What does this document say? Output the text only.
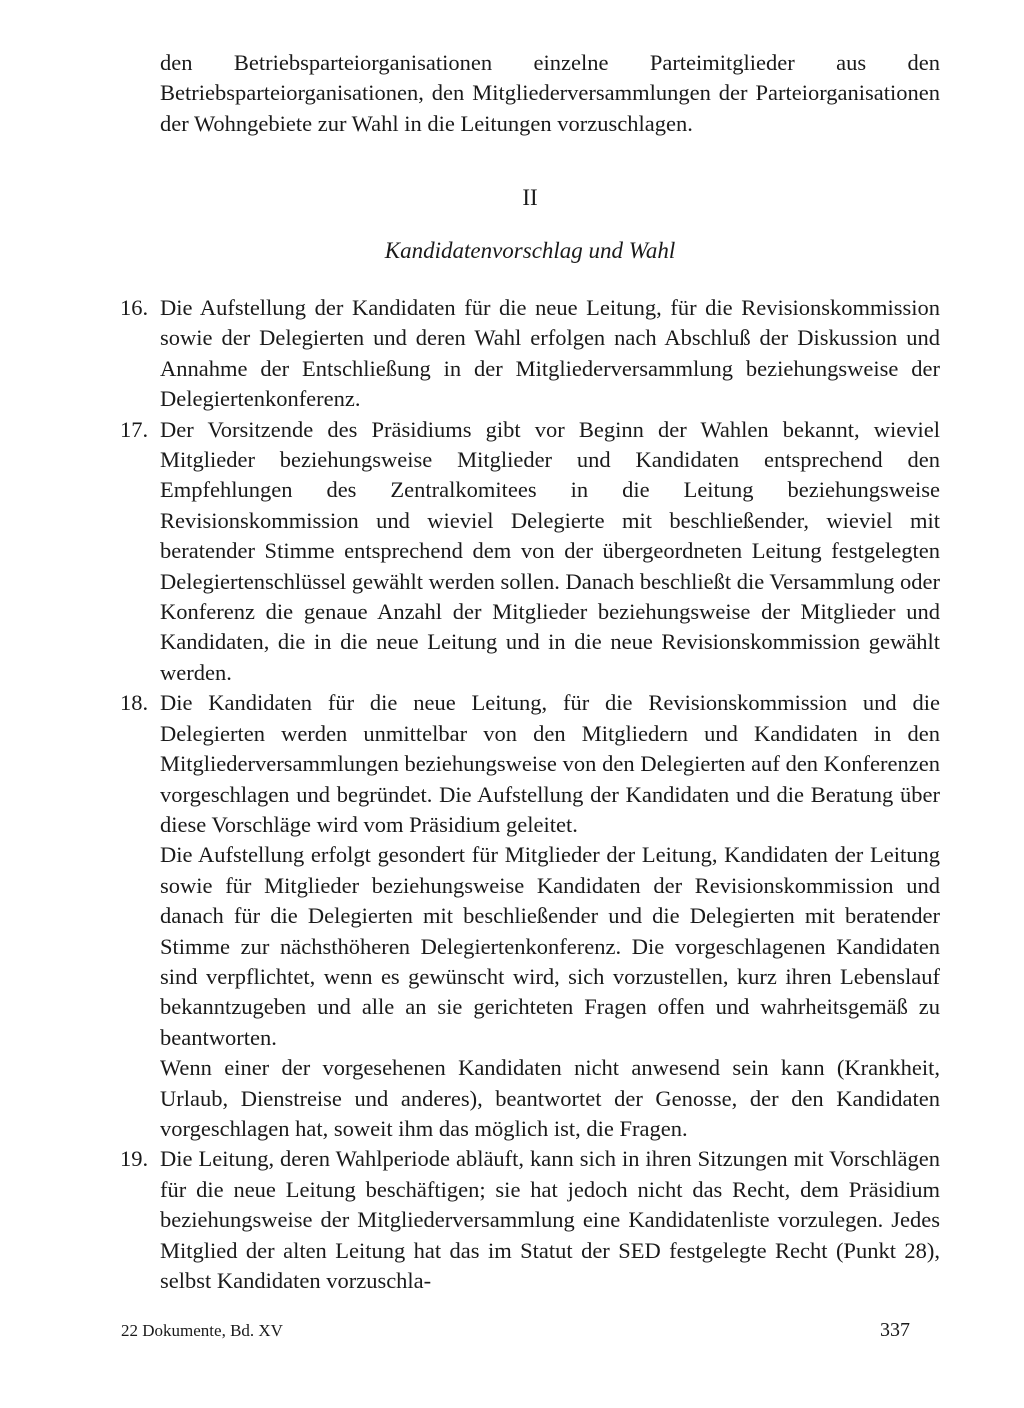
den Betriebsparteiorganisationen einzelne Parteimitglieder aus den Betriebsparteiorganisationen, den Mitgliederversammlungen der Parteiorganisationen der Wohngebiete zur Wahl in die Leitungen vorzuschlagen.
II
Kandidatenvorschlag und Wahl
16. Die Aufstellung der Kandidaten für die neue Leitung, für die Revisionskommission sowie der Delegierten und deren Wahl erfolgen nach Abschluß der Diskussion und Annahme der Entschließung in der Mitgliederversammlung beziehungsweise der Delegiertenkonferenz.

17. Der Vorsitzende des Präsidiums gibt vor Beginn der Wahlen bekannt, wieviel Mitglieder beziehungsweise Mitglieder und Kandidaten entsprechend den Empfehlungen des Zentralkomitees in die Leitung beziehungsweise Revisionskommission und wieviel Delegierte mit beschließender, wieviel mit beratender Stimme entsprechend dem von der übergeordneten Leitung festgelegten Delegiertenschlüssel gewählt werden sollen. Danach beschließt die Versammlung oder Konferenz die genaue Anzahl der Mitglieder beziehungsweise der Mitglieder und Kandidaten, die in die neue Leitung und in die neue Revisionskommission gewählt werden.

18. Die Kandidaten für die neue Leitung, für die Revisionskommission und die Delegierten werden unmittelbar von den Mitgliedern und Kandidaten in den Mitgliederversammlungen beziehungsweise von den Delegierten auf den Konferenzen vorgeschlagen und begründet. Die Aufstellung der Kandidaten und die Beratung über diese Vorschläge wird vom Präsidium geleitet.

Die Aufstellung erfolgt gesondert für Mitglieder der Leitung, Kandidaten der Leitung sowie für Mitglieder beziehungsweise Kandidaten der Revisionskommission und danach für die Delegierten mit beschließender und die Delegierten mit beratender Stimme zur nächsthöheren Delegiertenkonferenz. Die vorgeschlagenen Kandidaten sind verpflichtet, wenn es gewünscht wird, sich vorzustellen, kurz ihren Lebenslauf bekanntzugeben und alle an sie gerichteten Fragen offen und wahrheitsgemäß zu beantworten.

Wenn einer der vorgesehenen Kandidaten nicht anwesend sein kann (Krankheit, Urlaub, Dienstreise und anderes), beantwortet der Genosse, der den Kandidaten vorgeschlagen hat, soweit ihm das möglich ist, die Fragen.

19. Die Leitung, deren Wahlperiode abläuft, kann sich in ihren Sitzungen mit Vorschlägen für die neue Leitung beschäftigen; sie hat jedoch nicht das Recht, dem Präsidium beziehungsweise der Mitgliederversammlung eine Kandidatenliste vorzulegen. Jedes Mitglied der alten Leitung hat das im Statut der SED festgelegte Recht (Punkt 28), selbst Kandidaten vorzuschla-

22 Dokumente, Bd. XV	337
